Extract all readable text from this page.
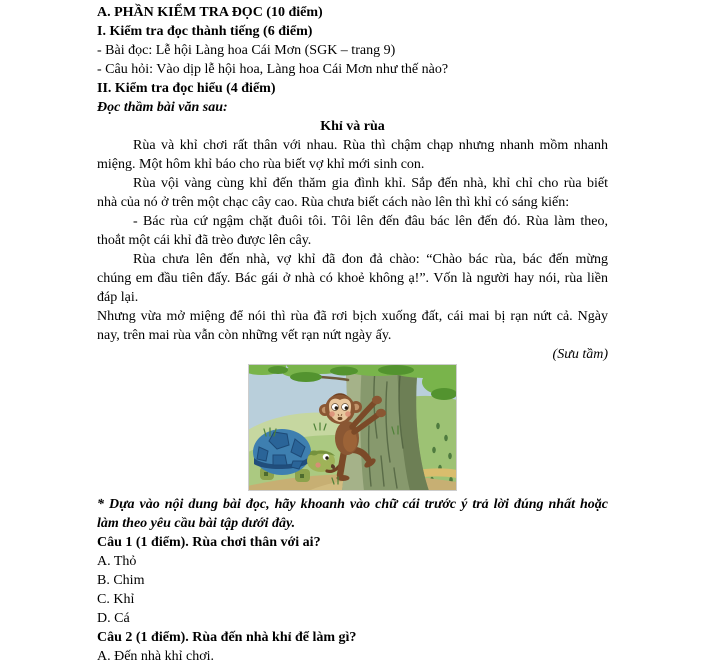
A. PHẦN KIỂM TRA ĐỌC (10 điểm)
I. Kiểm tra đọc thành tiếng (6 điểm)
- Bài đọc: Lễ hội Làng hoa Cái Mơn (SGK – trang 9)
- Câu hỏi: Vào dịp lễ hội hoa, Làng hoa Cái Mơn như thế nào?
II. Kiểm tra đọc hiểu (4 điểm)
Đọc thầm bài văn sau:
Khỉ và rùa
Rùa và khỉ chơi rất thân với nhau. Rùa thì chậm chạp nhưng nhanh mồm nhanh
miệng. Một hôm khỉ báo cho rùa biết vợ khỉ mới sinh con.
Rùa vội vàng cùng khỉ đến thăm gia đình khỉ. Sắp đến nhà, khỉ chỉ cho rùa biết
nhà của nó ở trên một chạc cây cao. Rùa chưa biết cách nào lên thì khỉ có sáng kiến:
- Bác rùa cứ ngậm chặt đuôi tôi. Tôi lên đến đâu bác lên đến đó. Rùa làm theo,
thoắt một cái khỉ đã trèo được lên cây.
Rùa chưa lên đến nhà, vợ khỉ đã đon đả chào: “Chào bác rùa, bác đến mừng
chúng em đầu tiên đấy. Bác gái ở nhà có khoẻ không ạ!”. Vốn là người hay nói, rùa liền
đáp lại.
Nhưng vừa mở miệng để nói thì rùa đã rơi bịch xuống đất, cái mai bị rạn nứt cả. Ngày
nay, trên mai rùa vẫn còn những vết rạn nứt ngày ấy.
(Sưu tầm)
* Dựa vào nội dung bài đọc, hãy khoanh vào chữ cái trước ý trả lời đúng nhất hoặc
làm theo yêu cầu bài tập dưới đây.
Câu 1 (1 điểm). Rùa chơi thân với ai?
A. Thỏ
B. Chim
C. Khỉ
D. Cá
Câu 2 (1 điểm). Rùa đến nhà khỉ để làm gì?
A. Đến nhà khỉ chơi.
